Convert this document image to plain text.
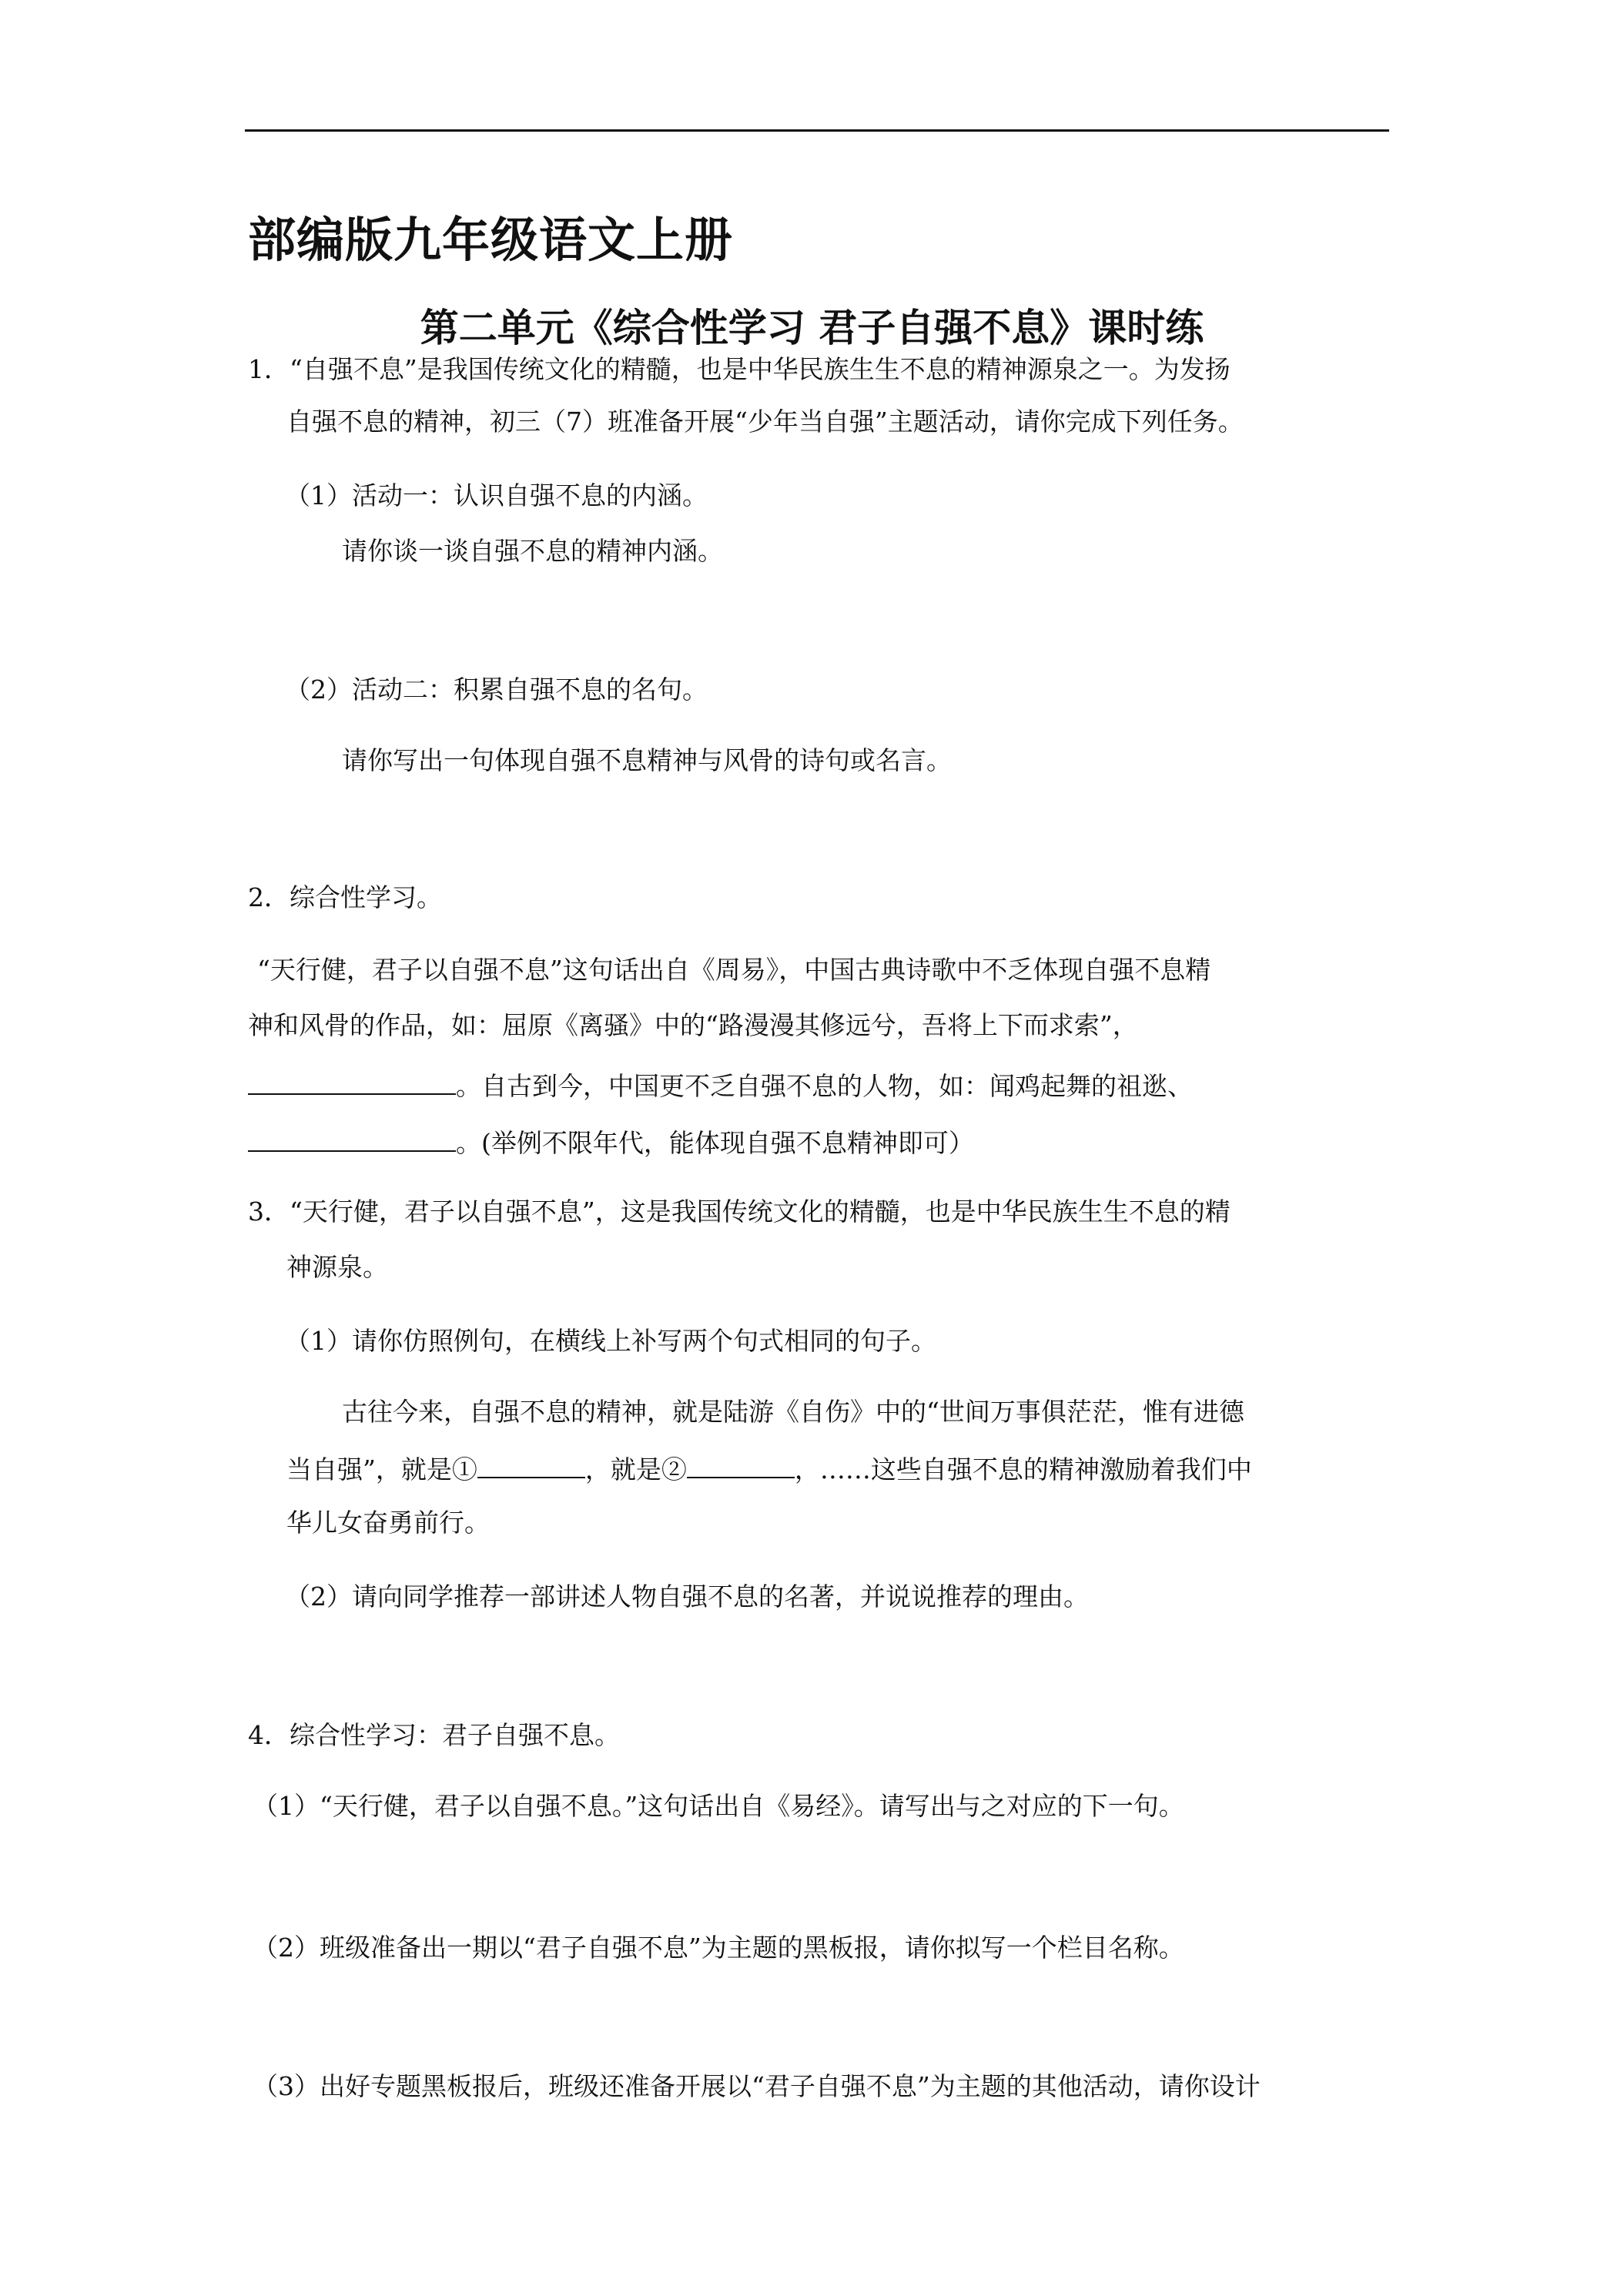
部编版九年级语文上册
第二单元《综合性学习 君子自强不息》课时练
1．“自强不息”是我国传统文化的精髓，也是中华民族生生不息的精神源泉之一。为发扬
自强不息的精神，初三（7）班准备开展“少年当自强”主题活动，请你完成下列任务。
（1）活动一：认识自强不息的内涵。
请你谈一谈自强不息的精神内涵。
（2）活动二：积累自强不息的名句。
请你写出一句体现自强不息精神与风骨的诗句或名言。
2．综合性学习。
“天行健，君子以自强不息”这句话出自《周易》，中国古典诗歌中不乏体现自强不息精
神和风骨的作品，如：屈原《离骚》中的“路漫漫其修远兮，吾将上下而求索”，
。自古到今，中国更不乏自强不息的人物，如：闻鸡起舞的祖逖、
。(举例不限年代，能体现自强不息精神即可）
3．“天行健，君子以自强不息”，这是我国传统文化的精髓，也是中华民族生生不息的精
神源泉。
（1）请你仿照例句，在横线上补写两个句式相同的句子。
古往今来，自强不息的精神，就是陆游《自伤》中的“世间万事俱茫茫，惟有进德
当自强”，就是①	，就是②	，……这些自强不息的精神激励着我们中
华儿女奋勇前行。
（2）请向同学推荐一部讲述人物自强不息的名著，并说说推荐的理由。
4．综合性学习：君子自强不息。
（1）“天行健，君子以自强不息。”这句话出自《易经》。请写出与之对应的下一句。
（2）班级准备出一期以“君子自强不息”为主题的黑板报，请你拟写一个栏目名称。
（3）出好专题黑板报后，班级还准备开展以“君子自强不息”为主题的其他活动，请你设计
